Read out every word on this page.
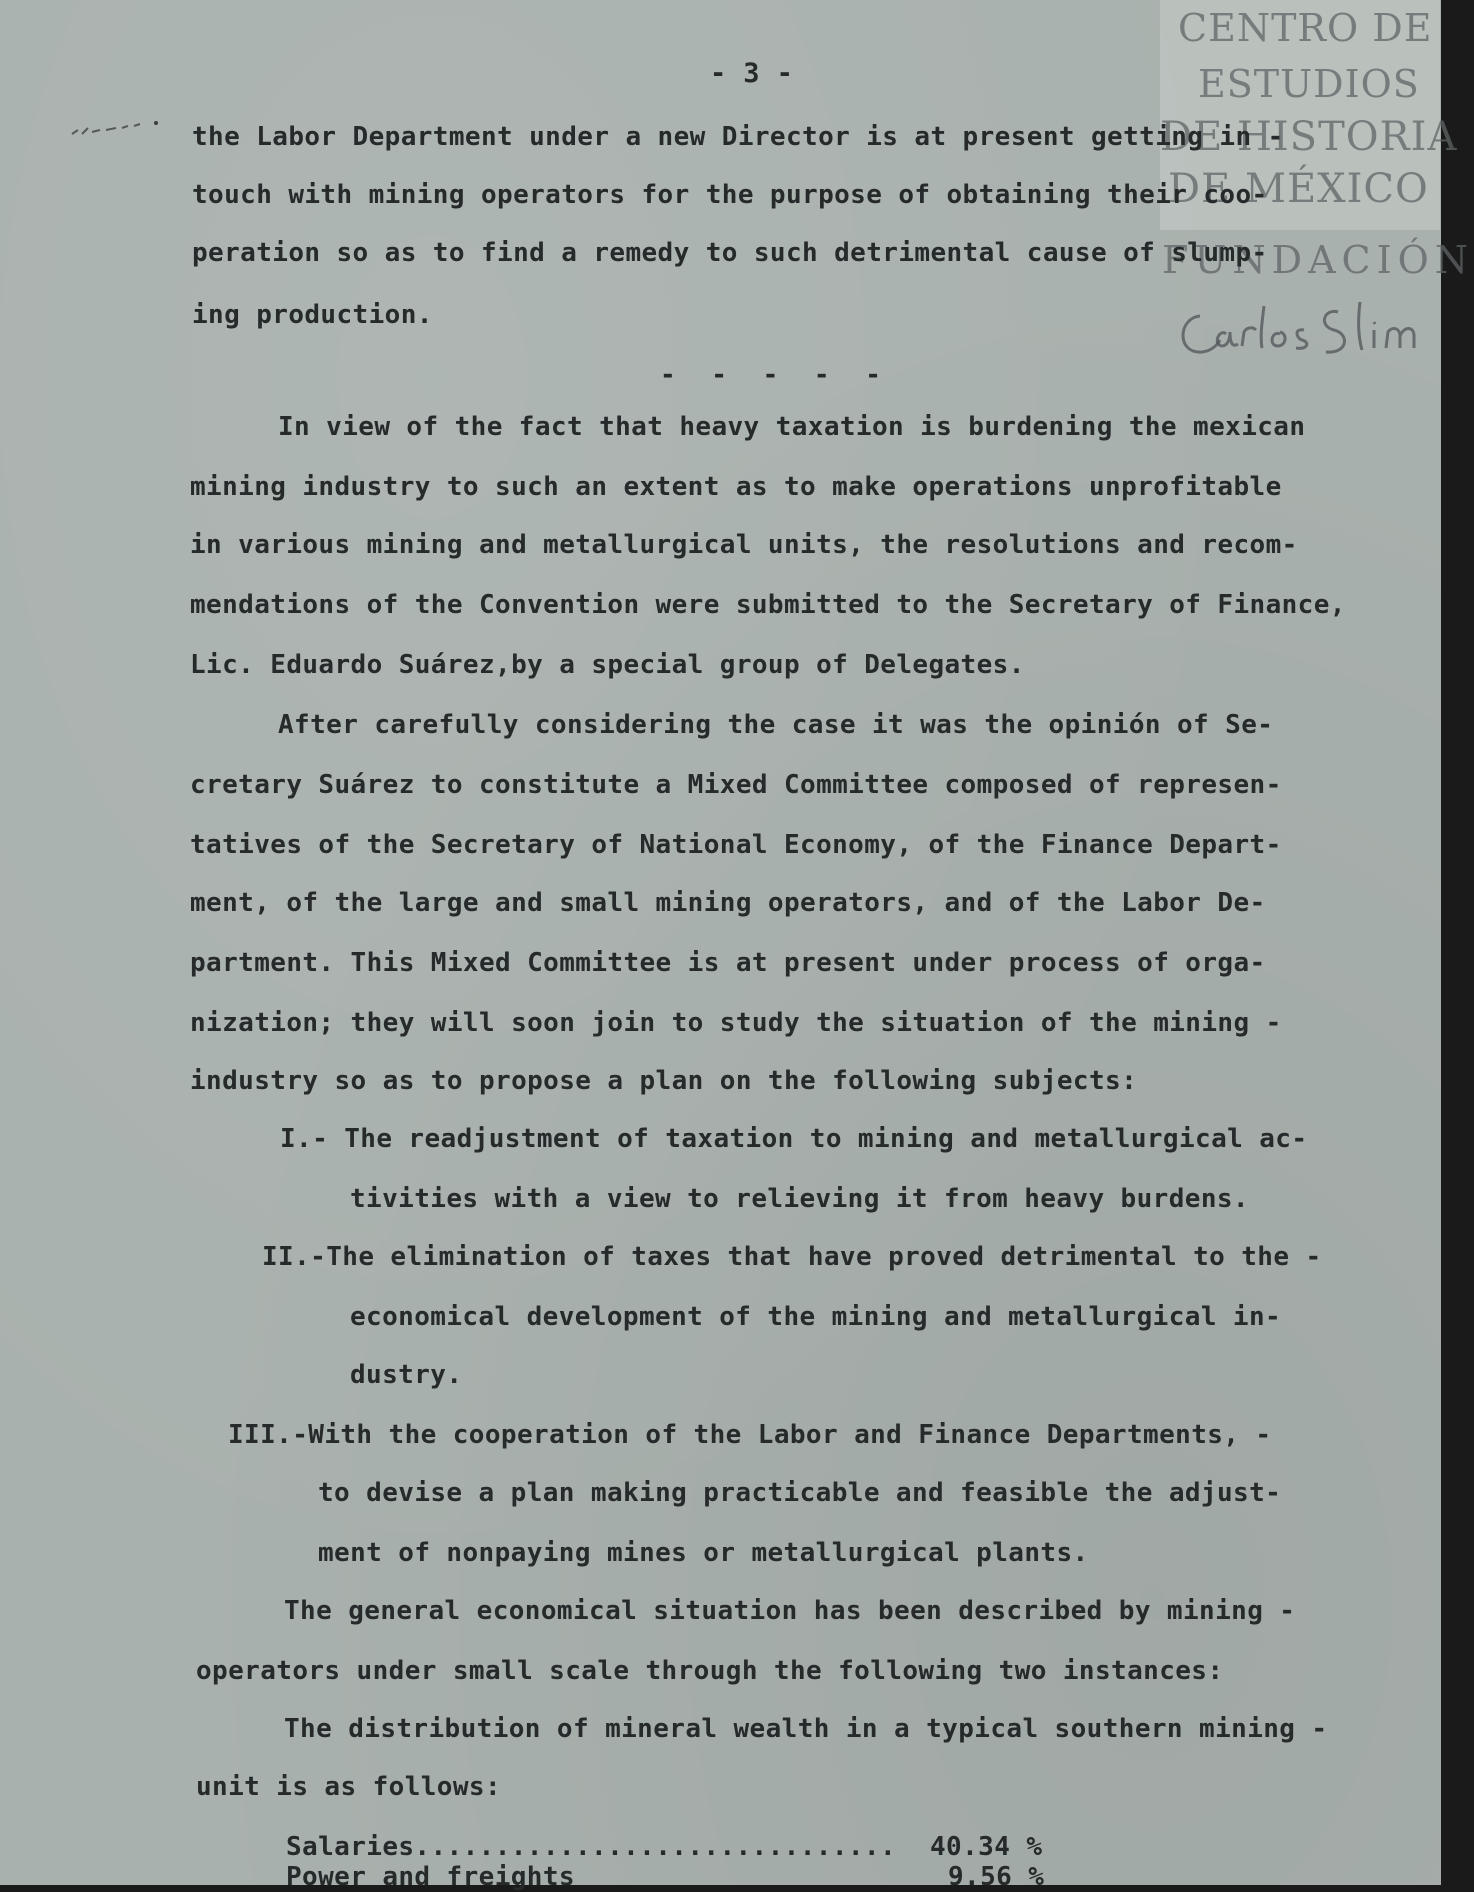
CENTRO DE
ESTUDIOS
DE HISTORIA
DE MÉXICO
FUNDACIÓN
- 3 -
the Labor Department under a new Director is at present getting in -
touch with mining operators for the purpose of obtaining their coo-
peration so as to find a remedy to such detrimental cause of slump-
ing production.
- - - - -
In view of the fact that heavy taxation is burdening the mexican
mining industry to such an extent as to make operations unprofitable
in various mining and metallurgical units, the resolutions and recom-
mendations of the Convention were submitted to the Secretary of Finance,
Lic. Eduardo Suárez,by a special group of Delegates.
After carefully considering the case it was the opinión of Se-
cretary Suárez to constitute a Mixed Committee composed of represen-
tatives of the Secretary of National Economy, of the Finance Depart-
ment, of the large and small mining operators, and of the Labor De-
partment. This Mixed Committee is at present under process of orga-
nization; they will soon join to study the situation of the mining -
industry so as to propose a plan on the following subjects:
I.- The readjustment of taxation to mining and metallurgical ac-
tivities with a view to relieving it from heavy burdens.
II.-The elimination of taxes that have proved detrimental to the -
economical development of the mining and metallurgical in-
dustry.
III.-With the cooperation of the Labor and Finance Departments, -
to devise a plan making practicable and feasible the adjust-
ment of nonpaying mines or metallurgical plants.
The general economical situation has been described by mining -
operators under small scale through the following two instances:
The distribution of mineral wealth in a typical southern mining -
unit is as follows:
Salaries.............................. 40.34 %
Power and freights	9.56 %
